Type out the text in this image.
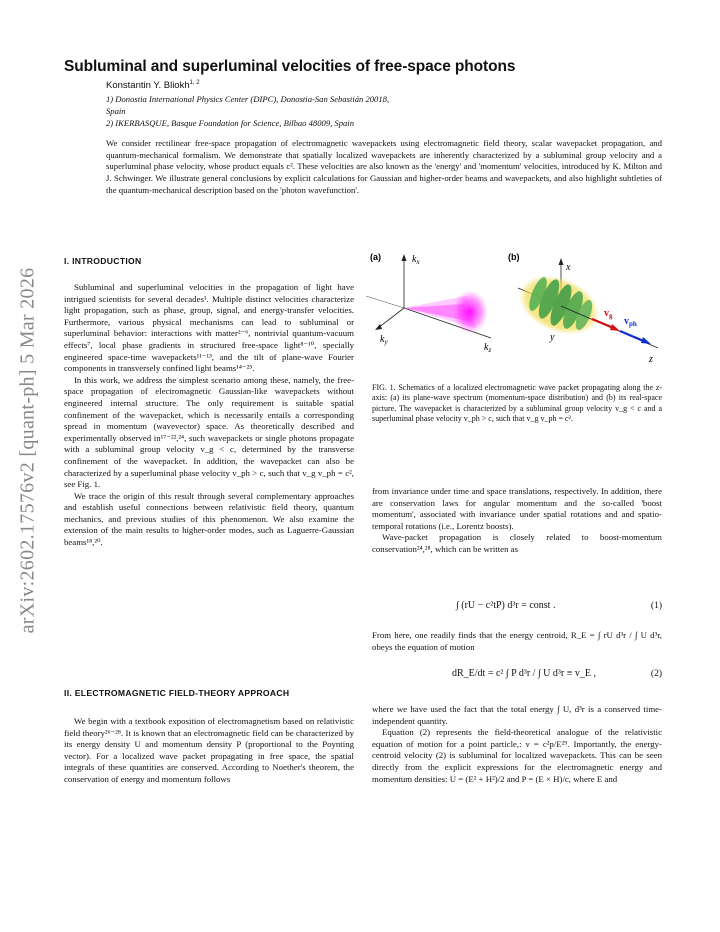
arXiv:2602.17576v2 [quant-ph] 5 Mar 2026
Subluminal and superluminal velocities of free-space photons
Konstantin Y. Bliokh$^{1, 2}$
1) Donostia International Physics Center (DIPC), Donostia-San Sebastián 20018,
Spain
2) IKERBASQUE, Basque Foundation for Science, Bilbao 48009, Spain
We consider rectilinear free-space propagation of electromagnetic wavepackets using electromagnetic field theory, scalar wavepacket propagation, and quantum-mechanical formalism. We demonstrate that spatially localized wavepackets are inherently characterized by a subluminal group velocity and a superluminal phase velocity, whose product equals c². These velocities are also known as the 'energy' and 'momentum' velocities, introduced by K. Milton and J. Schwinger. We illustrate general conclusions by explicit calculations for Gaussian and higher-order beams and wavepackets, and also highlight subtleties of the quantum-mechanical description based on the 'photon wavefunction'.
I. INTRODUCTION

Subluminal and superluminal velocities in the propagation of light have intrigued scientists for several decades¹. Multiple distinct velocities characterize light propagation, such as phase, group, signal, and energy-transfer velocities. Furthermore, various physical mechanisms can lead to subluminal or superluminal behavior: interactions with matter²⁻⁶, nontrivial quantum-vacuum effects⁷, local phase gradients in structured free-space light⁸⁻¹⁰, specially engineered space-time wavepackets¹¹⁻¹³, and the tilt of plane-wave Fourier components in transversely confined light beams¹⁴⁻²⁵.

In this work, we address the simplest scenario among these, namely, the free-space propagation of electromagnetic Gaussian-like wavepackets without engineered internal structure. The only requirement is suitable spatial confinement of the wavepacket, which is necessarily entails a corresponding spread in momentum (wavevector) space. As theoretically described and experimentally observed in¹⁷⁻²²,²⁴, such wavepackets or single photons propagate with a subluminal group velocity v_g < c, determined by the transverse confinement of the wavepacket. In addition, the wavepacket can also be characterized by a superluminal phase velocity v_ph > c, such that v_g v_ph = c², see Fig. 1.

We trace the origin of this result through several complementary approaches and establish useful connections between relativistic field theory, quantum mechanics, and previous studies of this phenomenon. We also examine the extension of the main results to higher-order modes, such as Laguerre-Gaussian beams¹⁸,²⁰.

II. ELECTROMAGNETIC FIELD-THEORY APPROACH

We begin with a textbook exposition of electromagnetism based on relativistic field theory²⁶⁻²⁸. It is known that an electromagnetic field can be characterized by its energy density U and momentum density P (proportional to the Poynting vector). For a localized wave packet propagating in free space, the spatial integrals of these quantities are conserved. According to Noether's theorem, the conservation of energy and momentum follows

(a)	$k_x$
$k_y$	$k_z$
(b)
x
y
z
$v_g$ $v_{ph}$
FIG. 1. Schematics of a localized electromagnetic wave packet propagating along the z-axis: (a) its plane-wave spectrum (momentum-space distribution) and (b) its real-space picture. The wavepacket is characterized by a subluminal group velocity v_g < c and a superluminal phase velocity v_ph > c, such that v_g v_ph = c².

from invariance under time and space translations, respectively. In addition, there are conservation laws for angular momentum and the so-called 'boost momentum', associated with invariance under spatial rotations and and spatio-temporal rotations (i.e., Lorentz boosts).

Wave-packet propagation is closely related to boost-momentum conservation²⁴,²⁸, which can be written as

∫ (rU − c²tP) d³r = const .	(1)

From here, one readily finds that the energy centroid, R_E = ∫ rU d³r / ∫ U d³r, obeys the equation of motion

dR_E/dt = c² ∫ P d³r / ∫ U d³r ≡ v_E ,	(2)

where we have used the fact that the total energy ∫ U, d³r is a conserved time-independent quantity.

Equation (2) represents the field-theoretical analogue of the relativistic equation of motion for a point particle,: v = c²p/E²⁹. Importantly, the energy-centroid velocity (2) is subluminal for localized wavepackets. This can be seen directly from the explicit expressions for the electromagnetic energy and momentum densities: U = (E² + H²)/2 and P = (E × H)/c, where E and
